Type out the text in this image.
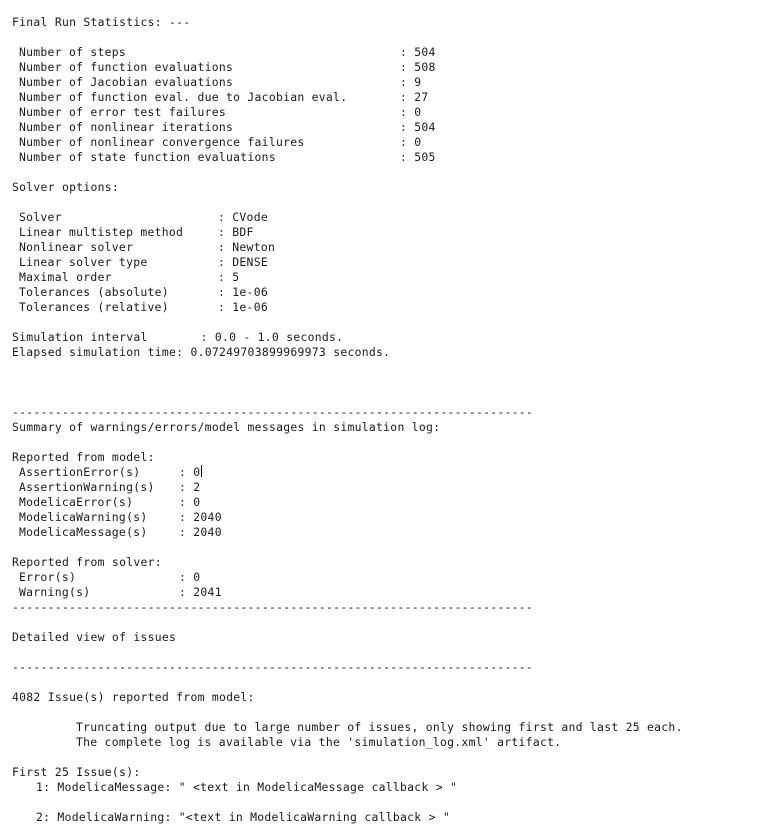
Final Run Statistics: ---
Number of steps	: 504
Number of function evaluations	: 508
Number of Jacobian evaluations	: 9
Number of function eval. due to Jacobian eval.	: 27
Number of error test failures	: 0
Number of nonlinear iterations	: 504
Number of nonlinear convergence failures	: 0
Number of state function evaluations	: 505
Solver options:
Solver	: CVode
Linear multistep method	: BDF
Nonlinear solver	: Newton
Linear solver type	: DENSE
Maximal order	: 5
Tolerances (absolute)	: 1e-06
Tolerances (relative)	: 1e-06
Simulation interval	: 0.0 - 1.0 seconds.
Elapsed simulation time : 0.07249703899969973 seconds.
-------------------------------------------------------------------------
Summary of warnings/errors/model messages in simulation log:
Reported from model:
AssertionError(s)	: 0
AssertionWarning(s)	: 2
ModelicaError(s)	: 0
ModelicaWarning(s)	: 2040
ModelicaMessage(s)	: 2040
Reported from solver:
Error(s)	: 0
Warning(s)	: 2041
-------------------------------------------------------------------------
Detailed view of issues
-------------------------------------------------------------------------
4082 Issue(s) reported from model:
Truncating output due to large number of issues, only showing first and last 25 each.
The complete log is available via the 'simulation_log.xml' artifact.
First 25 Issue(s):
1: ModelicaMessage: " <text in ModelicaMessage callback > "
2: ModelicaWarning: "<text in ModelicaWarning callback > "
